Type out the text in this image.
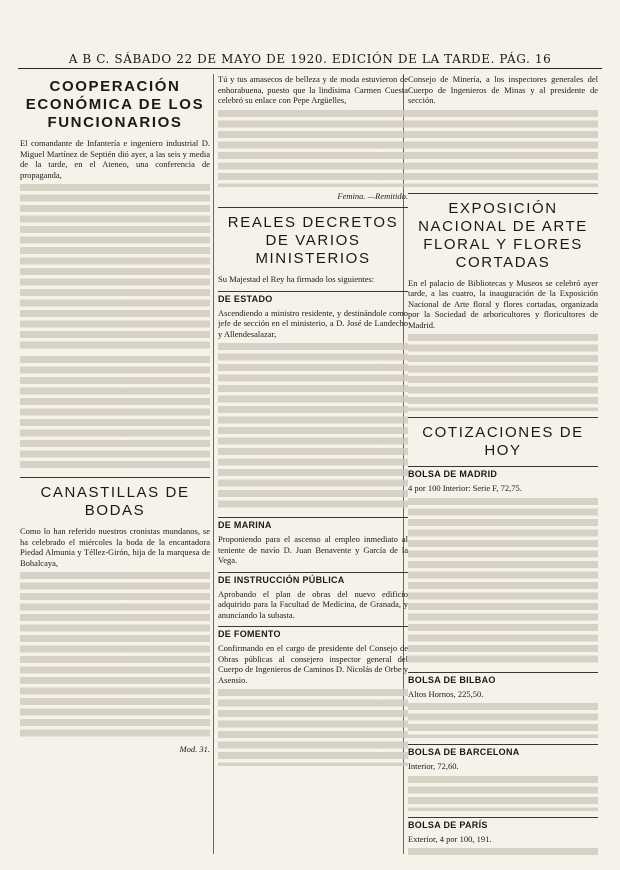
A B C. SÁBADO 22 DE MAYO DE 1920. EDICIÓN DE LA TARDE. PÁG. 16
COOPERACIÓN ECONÓMICA DE LOS FUNCIONARIOS

El comandante de Infantería e ingeniero industrial D. Miguel Martínez de Septién dió ayer, a las seis y media de la tarde, en el Ateneo, una conferencia de propaganda,

CANASTILLAS DE BODAS

Como lo han referido nuestros cronistas mundanos, se ha celebrado el miércoles la boda de la encantadora Piedad Almunia y Téllez-Girón, hija de la marquesa de Bohalcaya,

Mod. 31.

Tú y tus amasecos de belleza y de moda estuvieron de enhorabuena, puesto que la lindísima Carmen Cuesta celebró su enlace con Pepe Argüelles,

Femina. —Remitido.

REALES DECRETOS DE VARIOS MINISTERIOS

Su Majestad el Rey ha firmado los siguientes:

DE ESTADO

Ascendiendo a ministro residente, y destinándole como jefe de sección en el ministerio, a D. José de Landecho y Allendesalazar,

DE MARINA

Proponiendo para el ascenso al empleo inmediato al teniente de navío D. Juan Benavente y García de la Vega.

DE INSTRUCCIÓN PÚBLICA

Aprobando el plan de obras del nuevo edificio adquirido para la Facultad de Medicina, de Granada, y anunciando la subasta.

DE FOMENTO

Confirmando en el cargo de presidente del Consejo de Obras públicas al consejero inspector general del Cuerpo de Ingenieros de Caminos D. Nicolás de Orbe y Asensio.

Consejo de Minería, a los inspectores generales del Cuerpo de Ingenieros de Minas y al presidente de sección.

EXPOSICIÓN NACIONAL DE ARTE FLORAL Y FLORES CORTADAS

En el palacio de Bibliotecas y Museos se celebró ayer tarde, a las cuatro, la inauguración de la Exposición Nacional de Arte floral y flores cortadas, organizada por la Sociedad de arboricultores y floricultores de Madrid.

COTIZACIONES DE HOY
BOLSA DE MADRID

4 por 100 Interior: Serie F, 72,75.

BOLSA DE BILBAO

Altos Hornos, 225,50.

BOLSA DE BARCELONA

Interior, 72,60.

BOLSA DE PARÍS

Exterior, 4 por 100, 191.
